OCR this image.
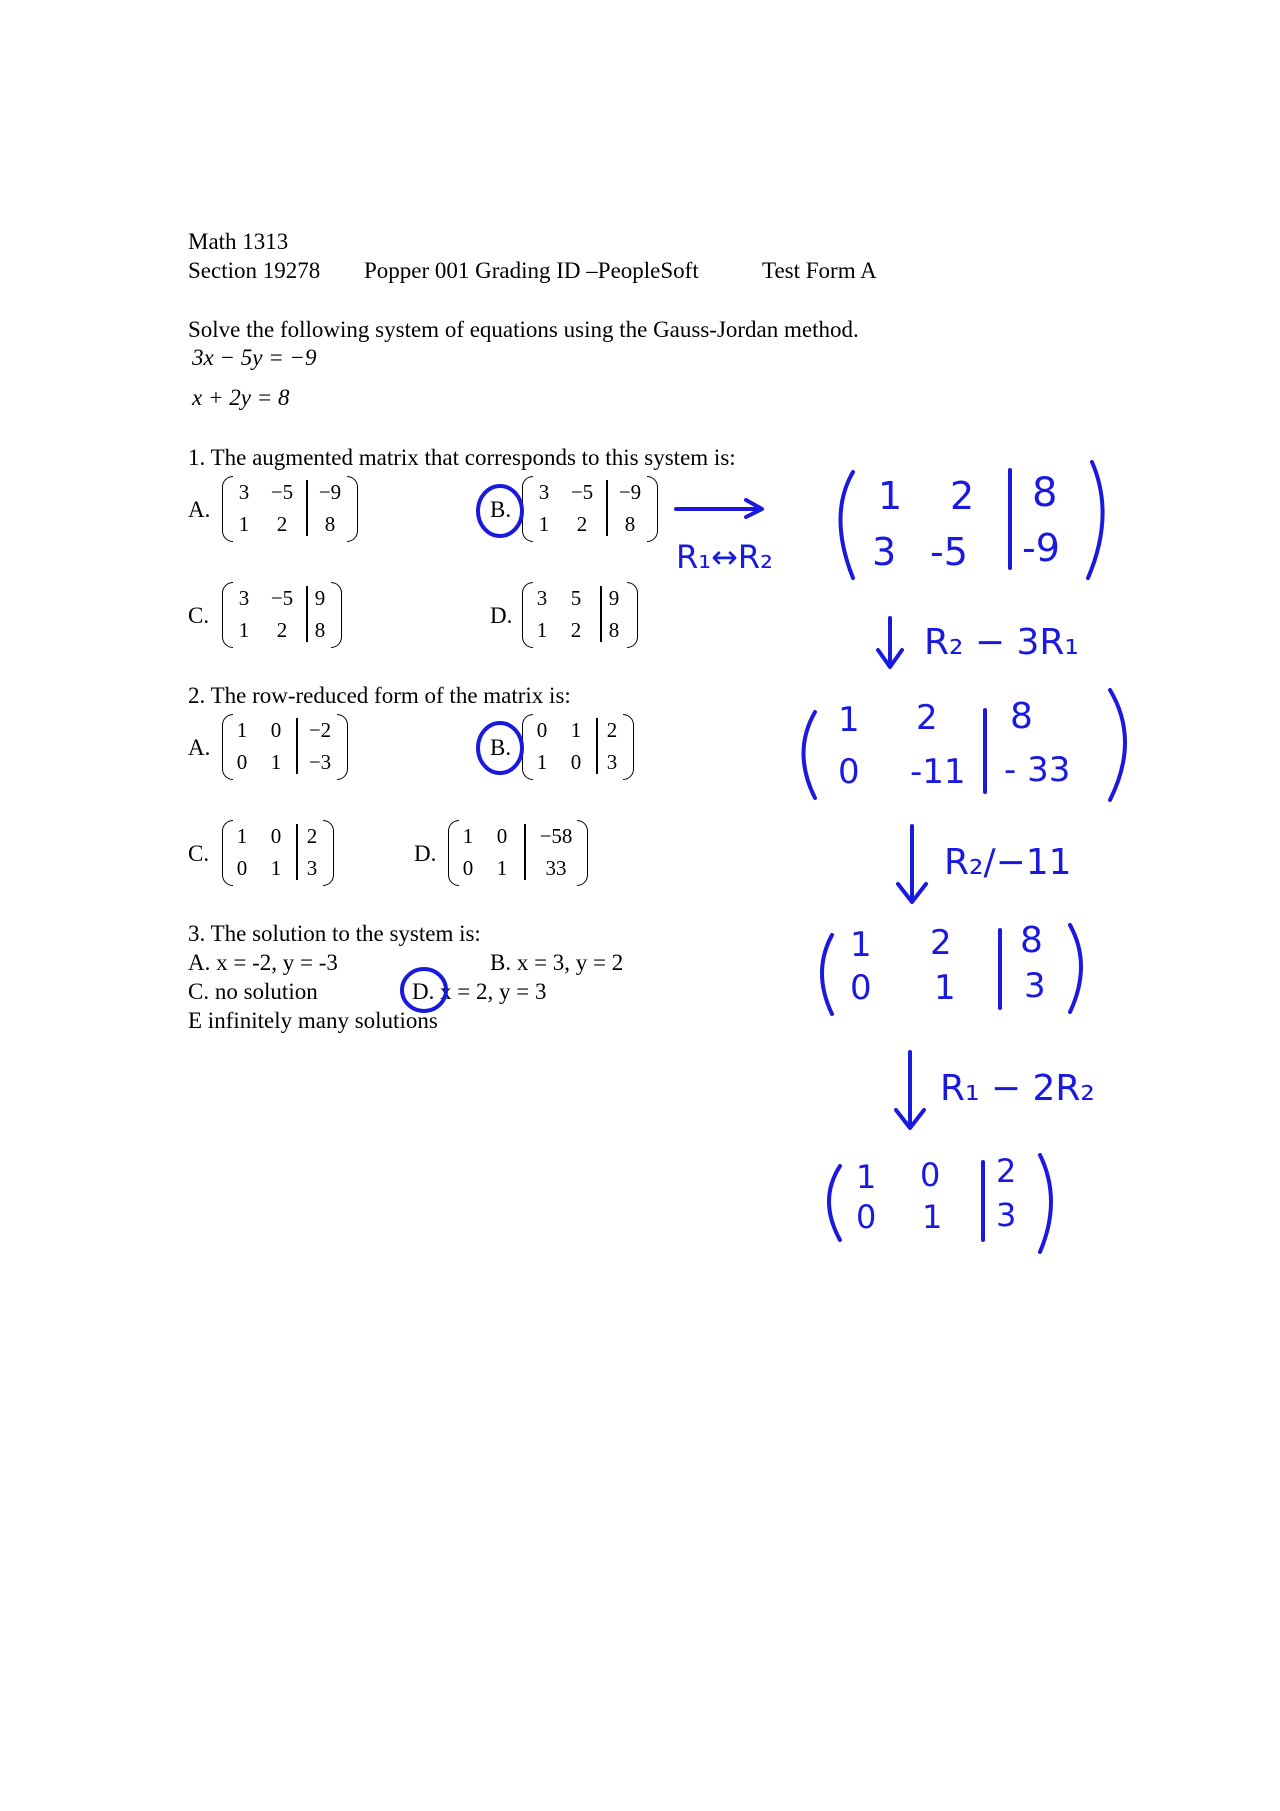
Math 1313
Section 19278 Popper 001 Grading ID –PeopleSoft	Test Form A
Solve the following system of equations using the Gauss-Jordan method.
3x − 5y = −9
x + 2y = 8
1. The augmented matrix that corresponds to this system is:
A.
3	−5	−9
1	2	8
B.
3	−5	−9
1	2	8
C.
3	−5	9
1	2	8
D.
3	5	9
1	2	8
2. The row-reduced form of the matrix is:
A.
1	0	−2
0	1	−3
B.
0	1	2
1	0	3
C.
1	0	2
0	1	3
D.
1	0	−58
0	1	33
3. The solution to the system is:
A. x = -2, y = -3	B. x = 3, y = 2
C. no solution	D. x = 2, y = 3
E infinitely many solutions
R₁↔R₂
R₂ − 3R₁
R₂/−11
R₁ − 2R₂
1 2 8
3 -5 -9
1 2 8
0 -11 - 33
1 2 8
0 1 3
1 0 2
0 1 3
